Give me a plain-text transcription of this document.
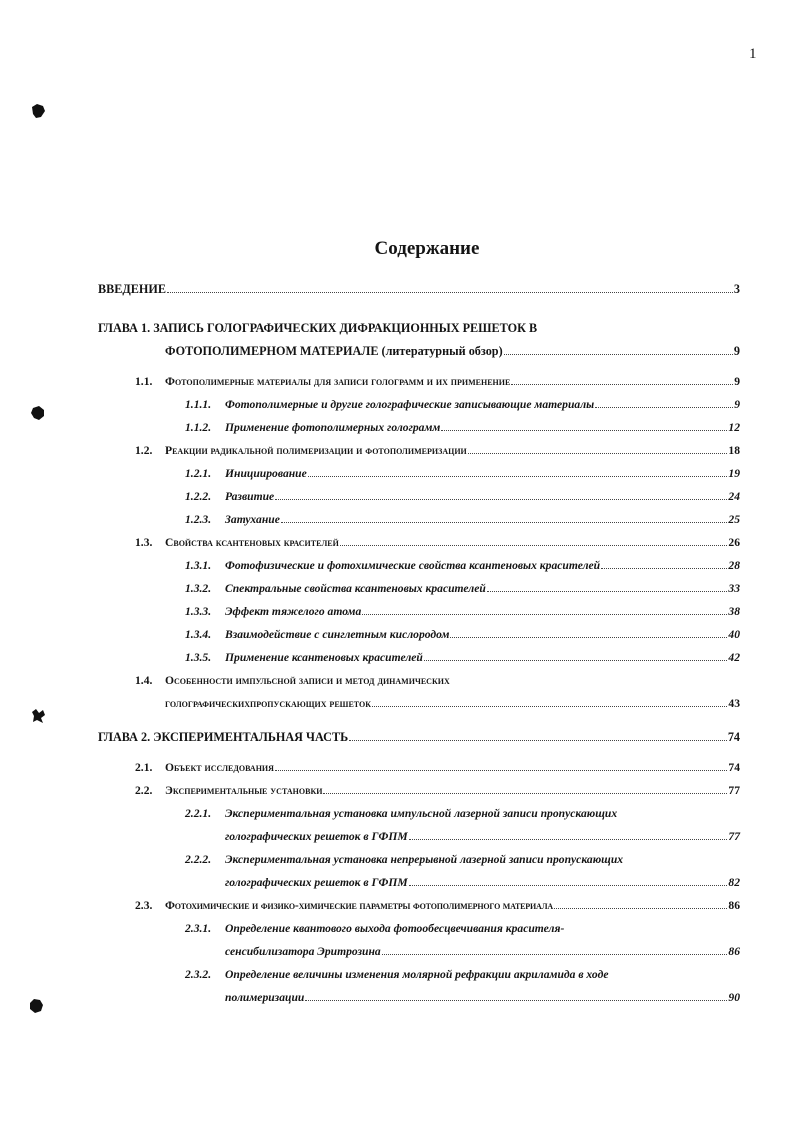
1
Содержание
ВВЕДЕНИЕ	3
ГЛАВА 1. ЗАПИСЬ ГОЛОГРАФИЧЕСКИХ ДИФРАКЦИОННЫХ РЕШЕТОК В
ФОТОПОЛИМЕРНОМ МАТЕРИАЛЕ (литературный обзор)	9
1.1.	Фотополимерные материалы для записи голограмм и их применение	9
1.1.1.	Фотополимерные и другие голографические записывающие материалы	9
1.1.2.	Применение фотополимерных голограмм	12
1.2.	Реакции радикальной полимеризации и фотополимеризации	18
1.2.1.	Инициирование	19
1.2.2.	Развитие	24
1.2.3.	Затухание	25
1.3.	Свойства ксантеновых красителей	26
1.3.1.	Фотофизические и фотохимические свойства ксантеновых красителей	28
1.3.2.	Спектральные свойства ксантеновых красителей	33
1.3.3.	Эффект тяжелого атома	38
1.3.4.	Взаимодействие с синглетным кислородом	40
1.3.5.	Применение ксантеновых красителей	42
1.4. Особенности импульсной записи и метод динамических
голографическихпропускающих решеток	43
ГЛАВА 2. ЭКСПЕРИМЕНТАЛЬНАЯ ЧАСТЬ	74
2.1.	Объект исследования	74
2.2.	Экспериментальные установки	77
2.2.1. Экспериментальная установка импульсной лазерной записи пропускающих
голографических решеток в ГФПМ	77
2.2.2. Экспериментальная установка непрерывной лазерной записи пропускающих
голографических решеток в ГФПМ	82
2.3.	Фотохимические и физико-химические параметры фотополимерного материала	86
2.3.1. Определение квантового выхода фотообесцвечивания красителя-
сенсибилизатора Эритрозина	86
2.3.2. Определение величины изменения молярной рефракции акриламида в ходе
полимеризации	90
